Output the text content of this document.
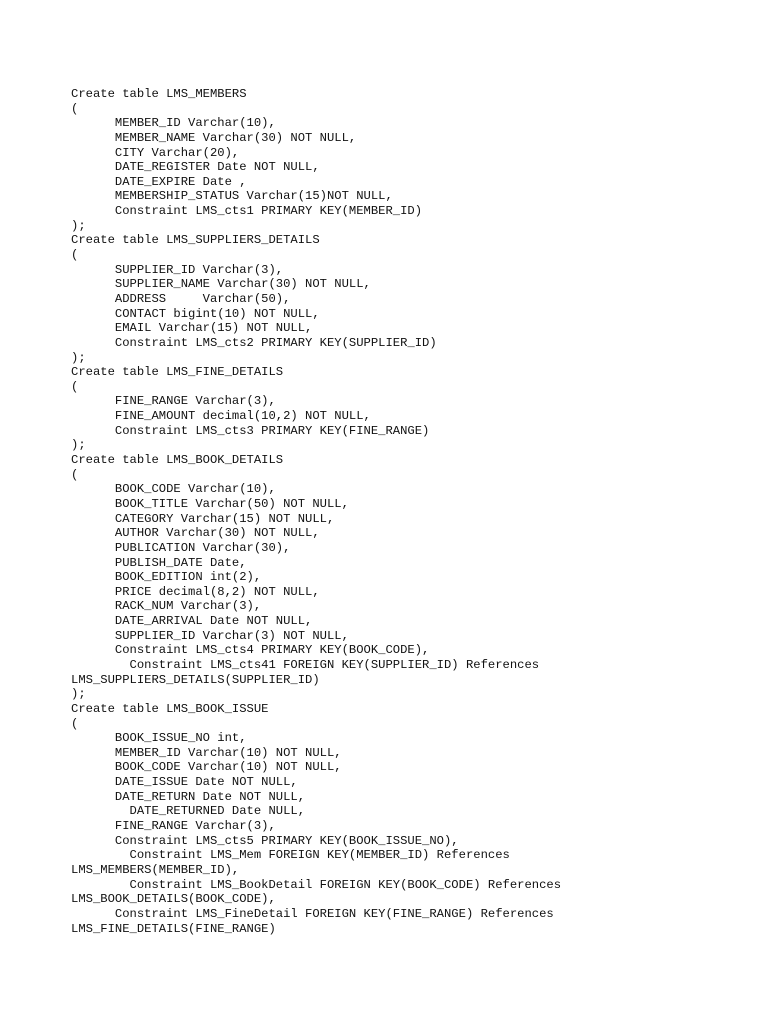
Create table LMS_MEMBERS
(
MEMBER_ID Varchar(10),
MEMBER_NAME Varchar(30) NOT NULL,
CITY Varchar(20),
DATE_REGISTER Date NOT NULL,
DATE_EXPIRE Date ,
MEMBERSHIP_STATUS Varchar(15)NOT NULL,
Constraint LMS_cts1 PRIMARY KEY(MEMBER_ID)
);
Create table LMS_SUPPLIERS_DETAILS
(
SUPPLIER_ID Varchar(3),
SUPPLIER_NAME Varchar(30) NOT NULL,
ADDRESS     Varchar(50),
CONTACT bigint(10) NOT NULL,
EMAIL Varchar(15) NOT NULL,
Constraint LMS_cts2 PRIMARY KEY(SUPPLIER_ID)
);
Create table LMS_FINE_DETAILS
(
FINE_RANGE Varchar(3),
FINE_AMOUNT decimal(10,2) NOT NULL,
Constraint LMS_cts3 PRIMARY KEY(FINE_RANGE)
);
Create table LMS_BOOK_DETAILS
(
BOOK_CODE Varchar(10),
BOOK_TITLE Varchar(50) NOT NULL,
CATEGORY Varchar(15) NOT NULL,
AUTHOR Varchar(30) NOT NULL,
PUBLICATION Varchar(30),
PUBLISH_DATE Date,
BOOK_EDITION int(2),
PRICE decimal(8,2) NOT NULL,
RACK_NUM Varchar(3),
DATE_ARRIVAL Date NOT NULL,
SUPPLIER_ID Varchar(3) NOT NULL,
Constraint LMS_cts4 PRIMARY KEY(BOOK_CODE),
Constraint LMS_cts41 FOREIGN KEY(SUPPLIER_ID) References
LMS_SUPPLIERS_DETAILS(SUPPLIER_ID)
);
Create table LMS_BOOK_ISSUE
(
BOOK_ISSUE_NO int,
MEMBER_ID Varchar(10) NOT NULL,
BOOK_CODE Varchar(10) NOT NULL,
DATE_ISSUE Date NOT NULL,
DATE_RETURN Date NOT NULL,
DATE_RETURNED Date NULL,
FINE_RANGE Varchar(3),
Constraint LMS_cts5 PRIMARY KEY(BOOK_ISSUE_NO),
Constraint LMS_Mem FOREIGN KEY(MEMBER_ID) References
LMS_MEMBERS(MEMBER_ID),
Constraint LMS_BookDetail FOREIGN KEY(BOOK_CODE) References
LMS_BOOK_DETAILS(BOOK_CODE),
Constraint LMS_FineDetail FOREIGN KEY(FINE_RANGE) References
LMS_FINE_DETAILS(FINE_RANGE)
